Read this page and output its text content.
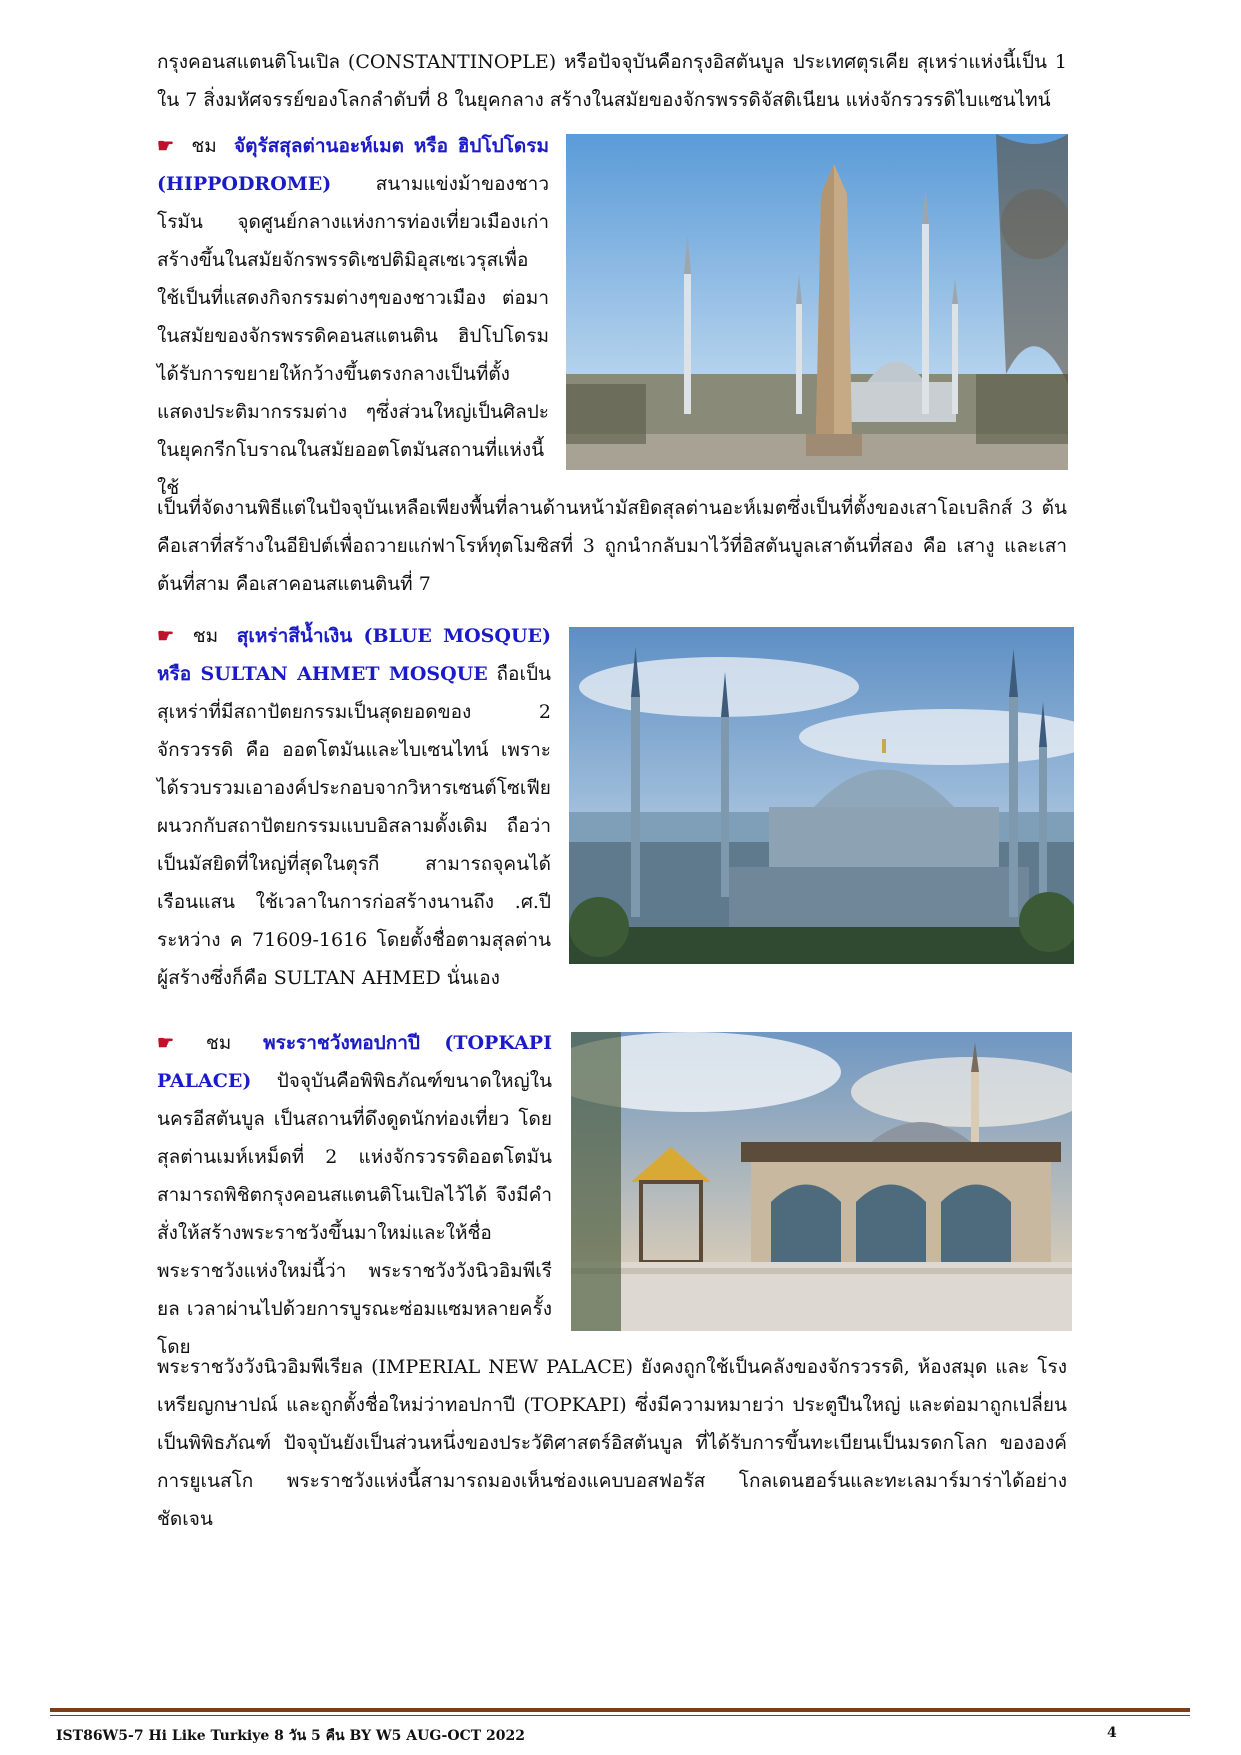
กรุงคอนสแตนติโนเปิล (CONSTANTINOPLE) หรือปัจจุบันคือกรุงอิสตันบูล ประเทศตุรเคีย สุเหร่าแห่งนี้เป็น 1 ใน 7 สิ่งมหัศจรรย์ของโลกลำดับที่ 8 ในยุคกลาง สร้างในสมัยของจักรพรรดิจัสติเนียน แห่งจักรวรรดิไบแซนไทน์

☛ ชม จัตุรัสสุลต่านอะห์เมต หรือ ฮิปโปโดรม (HIPPODROME) สนามแข่งม้าของชาวโรมัน จุดศูนย์กลางแห่งการท่องเที่ยวเมืองเก่า สร้างขึ้นในสมัยจักรพรรดิเซปติมิอุสเซเวรุสเพื่อใช้เป็นที่แสดงกิจกรรมต่างๆของชาวเมือง ต่อมาในสมัยของจักรพรรดิคอนสแตนติน ฮิปโปโดรมได้รับการขยายให้กว้างขึ้นตรงกลางเป็นที่ตั้งแสดงประติมากรรมต่าง ๆซึ่งส่วนใหญ่เป็นศิลปะในยุคกรีกโบราณในสมัยออตโตมันสถานที่แห่งนี้ใช้

เป็นที่จัดงานพิธีแต่ในปัจจุบันเหลือเพียงพื้นที่ลานด้านหน้ามัสยิดสุลต่านอะห์เมตซึ่งเป็นที่ตั้งของเสาโอเบลิกส์ 3 ต้น คือเสาที่สร้างในอียิปต์เพื่อถวายแก่ฟาโรห์ทุตโมซิสที่ 3 ถูกนำกลับมาไว้ที่อิสตันบูลเสาต้นที่สอง คือ เสางู และเสาต้นที่สาม คือเสาคอนสแตนตินที่ 7

☛ ชม สุเหร่าสีน้ำเงิน (BLUE MOSQUE) หรือ SULTAN AHMET MOSQUE ถือเป็นสุเหร่าที่มีสถาปัตยกรรมเป็นสุดยอดของ 2 จักรวรรดิ คือ ออตโตมันและไบเซนไทน์ เพราะได้รวบรวมเอาองค์ประกอบจากวิหารเซนต์โซเฟียผนวกกับสถาปัตยกรรมแบบอิสลามดั้งเดิม ถือว่าเป็นมัสยิดที่ใหญ่ที่สุดในตุรกี สามารถจุคนได้เรือนแสน ใช้เวลาในการก่อสร้างนานถึง .ศ.ปี ระหว่าง ค 71609-1616 โดยตั้งชื่อตามสุลต่านผู้สร้างซึ่งก็คือ SULTAN AHMED นั่นเอง

☛ ชม พระราชวังทอปกาปี (TOPKAPI PALACE) ปัจจุบันคือพิพิธภัณฑ์ขนาดใหญ่ในนครอีสตันบูล เป็นสถานที่ดึงดูดนักท่องเที่ยว โดยสุลต่านเมห์เหม็ดที่ 2 แห่งจักรวรรดิออตโตมันสามารถพิชิตกรุงคอนสแตนติโนเปิลไว้ได้ จึงมีคำสั่งให้สร้างพระราชวังขึ้นมาใหม่และให้ชื่อพระราชวังแห่งใหม่นี้ว่า พระราชวังวังนิวอิมพีเรียล เวลาผ่านไปด้วยการบูรณะซ่อมแซมหลายครั้ง โดย

พระราชวังวังนิวอิมพีเรียล (IMPERIAL NEW PALACE) ยังคงถูกใช้เป็นคลังของจักรวรรดิ, ห้องสมุด และ โรงเหรียญกษาปณ์ และถูกตั้งชื่อใหม่ว่าทอปกาปี (TOPKAPI) ซึ่งมีความหมายว่า ประตูปืนใหญ่ และต่อมาถูกเปลี่ยนเป็นพิพิธภัณฑ์ ปัจจุบันยังเป็นส่วนหนึ่งของประวัติศาสตร์อิสตันบูล ที่ได้รับการขึ้นทะเบียนเป็นมรดกโลก ขององค์การยูเนสโก พระราชวังแห่งนี้สามารถมองเห็นช่องแคบบอสฟอรัส โกลเดนฮอร์นและทะเลมาร์มาร่าได้อย่างชัดเจน

IST86W5-7 Hi Like Turkiye 8 วัน 5 คืน BY W5 AUG-OCT 2022	4
